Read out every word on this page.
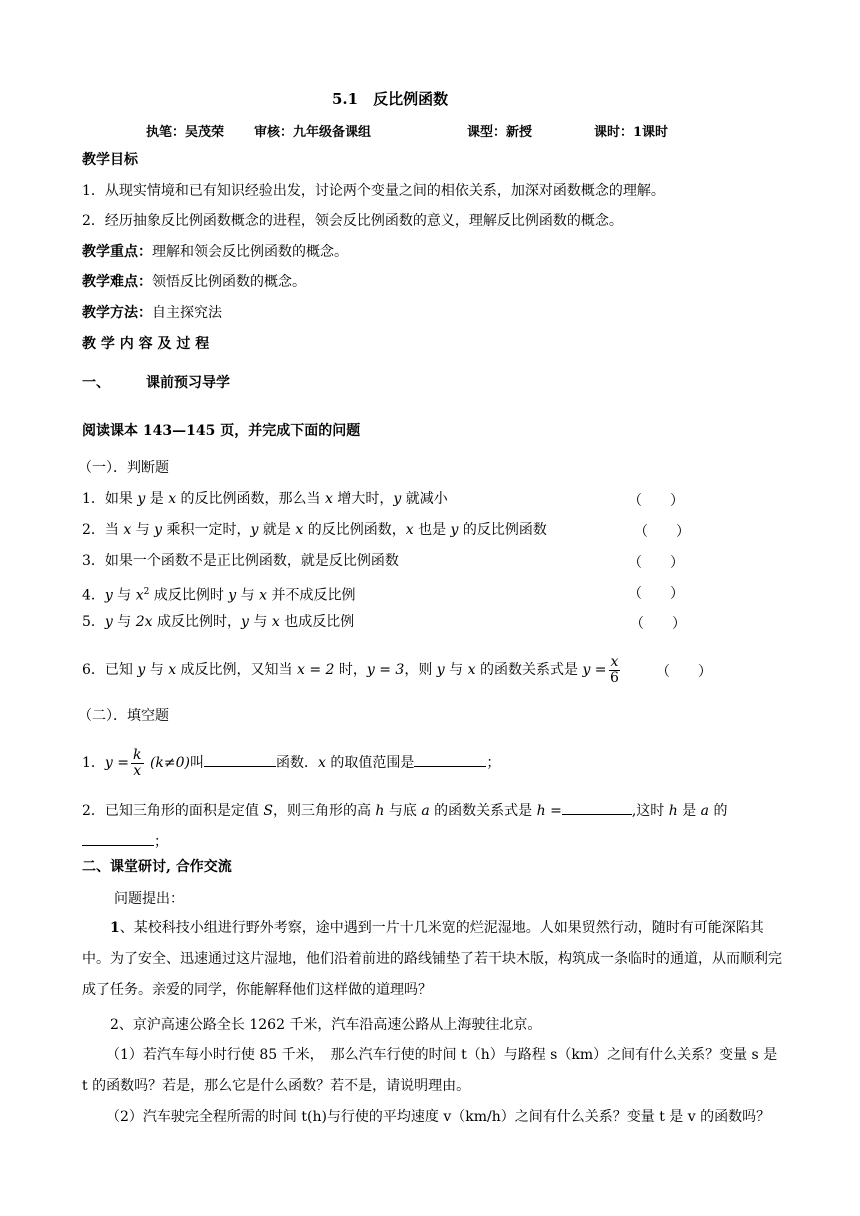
5.1　反比例函数
执笔：吴茂荣 审核：九年级备课组	课型：新授	课时：1课时
教学目标
1．从现实情境和已有知识经验出发，讨论两个变量之间的相依关系，加深对函数概念的理解。
2．经历抽象反比例函数概念的进程，领会反比例函数的意义，理解反比例函数的概念。
教学重点：理解和领会反比例函数的概念。
教学难点：领悟反比例函数的概念。
教学方法：自主探究法
教 学 内 容 及 过 程
一、	课前预习导学
阅读课本 143—145 页，并完成下面的问题
（一）．判断题
1．如果 y 是 x 的反比例函数，那么当 x 增大时，y 就减小	（　　）
2．当 x 与 y 乘积一定时，y 就是 x 的反比例函数，x 也是 y 的反比例函数	（　　）
3．如果一个函数不是正比例函数，就是反比例函数	（　　）
4．y 与 $x^2$ 成反比例时 y 与 x 并不成反比例	（　　）
5．y 与 2x 成反比例时，y 与 x 也成反比例	（　　）
6．已知 y 与 x 成反比例，又知当 x = 2 时，y = 3，则 y 与 x 的函数关系式是 $y = \frac{x}{6}$	（　　）
（二）．填空题
1．$y = \frac{k}{x} (k\ne 0)$叫	函数．x 的取值范围是	；
2．已知三角形的面积是定值 S，则三角形的高 h 与底 a 的函数关系式是 h =	,这时 h 是 a 的
；
二、课堂研讨, 合作交流
问题提出：
1、某校科技小组进行野外考察，途中遇到一片十几米宽的烂泥湿地。人如果贸然行动，随时有可能深陷其中。为了安全、迅速通过这片湿地，他们沿着前进的路线铺垫了若干块木版，构筑成一条临时的通道，从而顺利完成了任务。亲爱的同学，你能解释他们这样做的道理吗？
2、京沪高速公路全长 1262 千米，汽车沿高速公路从上海驶往北京。
（1）若汽车每小时行使 85 千米，　那么汽车行使的时间 t（h）与路程 s（km）之间有什么关系？变量 s 是 t 的函数吗？若是，那么它是什么函数？若不是，请说明理由。
（2）汽车驶完全程所需的时间 t(h)与行使的平均速度 v（km/h）之间有什么关系？变量 t 是 v 的函数吗？
